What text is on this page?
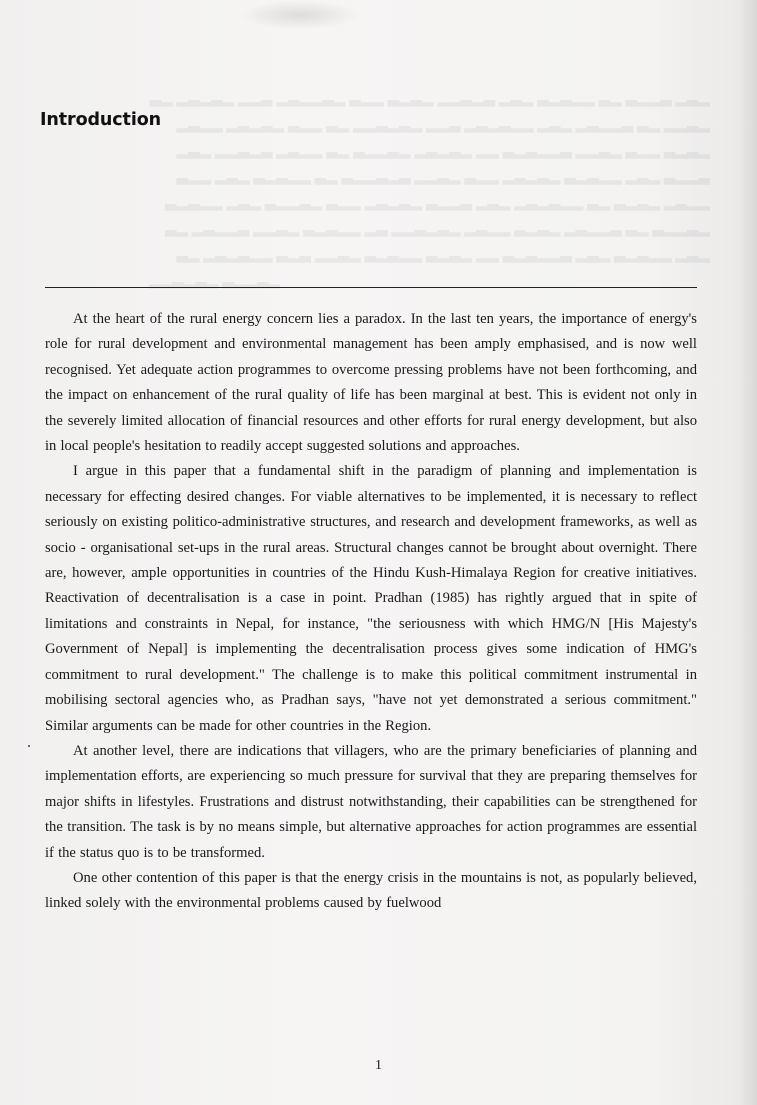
▂▃▂ ▃▂▂▃ ▂▃ ▂▂▃▂▃ ▂▃▂ ▃▂▃▂▂ ▂▃▂▃ ▂▂▃ ▂▃▂▂▃▂ ▃▂▂ ▂▃▂▃▂ ▂▃
▂▃▂▂ ▂▃ ▃▂▂▃▂ ▂▃▂ ▂▂▃▂▃▂ ▃▂▂ ▂▃▂▃▂▂ ▂▃ ▂▂▃ ▂▃▂▃▂ ▂▂▃▂
▂▃▂▃ ▂▂▃ ▂▃▂▂ ▃▂▂▃▂▃ ▂▂ ▂▃▂▃▂ ▂▃▂▂▃ ▂▃ ▂▂▃▂ ▃▂▃▂▂ ▂▃▂
▃▂▂▃ ▂▃▂ ▂▂▃▂▃ ▂▃▂▃▂ ▂▂▃ ▂▃▂▂ ▃▂▃▂▂▃ ▂▃ ▂▂▃▂▃ ▂▃▂ ▂▂▃
▂▂▃▂ ▂▃▂▃ ▂▃ ▂▂▃▂▃▂ ▂▃▂ ▃▂▂▃ ▂▃▂▃▂ ▂▂▃ ▂▃▂▂▃ ▂▃▂ ▂▂▃▂▃
▂▃▂▂▃ ▂▃ ▃▂▂▃▂ ▂▃▂▃ ▂▂▃▂ ▂▃▂▃▂▂ ▃▂ ▂▂▃▂▃ ▂▃▂▂ ▃▂▂▃▂ ▂▃
▂▃▂ ▂▂▃▂▃ ▂▃▂ ▃▂▂▃▂▃ ▂▂ ▂▃▂▃ ▂▂▃▂▃ ▂▃▂▂ ▃▂▃ ▂▂▃▂▃▂ ▂▃
▂▃▂▂▃ ▂▃▂▃▂▂
Introduction

At the heart of the rural energy concern lies a paradox. In the last ten years, the importance of energy's role for rural development and environmental management has been amply emphasised, and is now well recognised. Yet adequate action programmes to overcome pressing problems have not been forthcoming, and the impact on enhancement of the rural quality of life has been marginal at best. This is evident not only in the severely limited allocation of financial resources and other efforts for rural energy development, but also in local people's hesitation to readily accept suggested solutions and approaches.

I argue in this paper that a fundamental shift in the paradigm of planning and implementation is necessary for effecting desired changes. For viable alternatives to be implemented, it is necessary to reflect seriously on existing politico-administrative structures, and research and development frameworks, as well as socio - organisational set-ups in the rural areas. Structural changes cannot be brought about overnight. There are, however, ample opportunities in countries of the Hindu Kush-Himalaya Region for creative initiatives. Reactivation of decentralisation is a case in point. Pradhan (1985) has rightly argued that in spite of limitations and constraints in Nepal, for instance, "the seriousness with which HMG/N [His Majesty's Government of Nepal] is implementing the decentralisation process gives some indication of HMG's commitment to rural development." The challenge is to make this political commitment instrumental in mobilising sectoral agencies who, as Pradhan says, "have not yet demonstrated a serious commitment." Similar arguments can be made for other countries in the Region.

At another level, there are indications that villagers, who are the primary beneficiaries of planning and implementation efforts, are experiencing so much pressure for survival that they are preparing themselves for major shifts in lifestyles. Frustrations and distrust notwithstanding, their capabilities can be strengthened for the transition. The task is by no means simple, but alternative approaches for action programmes are essential if the status quo is to be transformed.

One other contention of this paper is that the energy crisis in the mountains is not, as popularly believed, linked solely with the environmental problems caused by fuelwood

1
